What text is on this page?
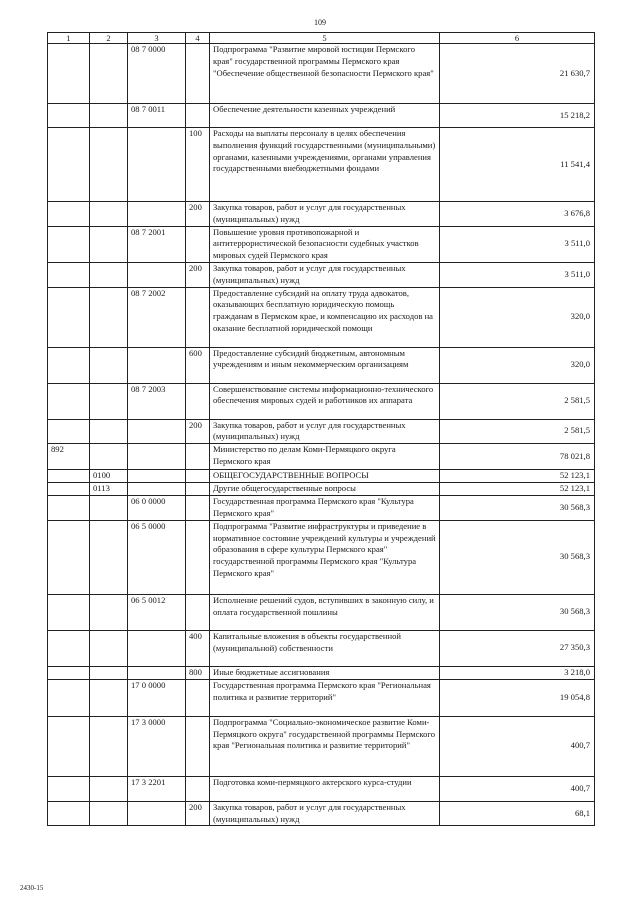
109
1	2	3	4	5	6
		08 7 0000		Подпрограмма "Развитие мировой юстиции Пермского края" государственной программы Пермского края "Обеспечение общественной безопасности Пермского края"	21 630,7
		08 7 0011		Обеспечение деятельности казенных учреждений	15 218,2
			100	Расходы на выплаты персоналу в целях обеспечения выполнения функций государственными (муниципальными) органами, казенными учреждениями, органами управления государственными внебюджетными фондами	11 541,4
			200	Закупка товаров, работ и услуг для государственных (муниципальных) нужд	3 676,8
		08 7 2001		Повышение уровня противопожарной и антитеррористической безопасности судебных участков мировых судей Пермского края	3 511,0
			200	Закупка товаров, работ и услуг для государственных (муниципальных) нужд	3 511,0
		08 7 2002		Предоставление субсидий на оплату труда адвокатов, оказывающих бесплатную юридическую помощь гражданам в Пермском крае, и компенсацию их расходов на оказание бесплатной юридической помощи	320,0
			600	Предоставление субсидий бюджетным, автономным учреждениям и иным некоммерческим организациям	320,0
		08 7 2003		Совершенствование системы информационно-технического обеспечения мировых судей и работников их аппарата	2 581,5
			200	Закупка товаров, работ и услуг для государственных (муниципальных) нужд	2 581,5
892				Министерство по делам Коми-Пермяцкого округа Пермского края	78 021,8
	0100			ОБЩЕГОСУДАРСТВЕННЫЕ ВОПРОСЫ	52 123,1
	0113			Другие общегосударственные вопросы	52 123,1
		06 0 0000		Государственная программа Пермского края "Культура Пермского края"	30 568,3
		06 5 0000		Подпрограмма "Развитие инфраструктуры и приведение в нормативное состояние учреждений культуры и учреждений образования в сфере культуры Пермского края" государственной программы Пермского края "Культура Пермского края"	30 568,3
		06 5 0012		Исполнение решений судов, вступивших в законную силу, и оплата государственной пошлины	30 568,3
			400	Капитальные вложения в объекты государственной (муниципальной) собственности	27 350,3
			800	Иные бюджетные ассигнования	3 218,0
		17 0 0000		Государственная программа Пермского края "Региональная политика и развитие территорий"	19 054,8
		17 3 0000		Подпрограмма "Социально-экономическое развитие Коми-Пермяцкого округа" государственной программы Пермского края "Региональная политика и развитие территорий"	400,7
		17 3 2201		Подготовка коми-пермяцкого актерского курса-студии	400,7
			200	Закупка товаров, работ и услуг для государственных (муниципальных) нужд	68,1
2430-15
